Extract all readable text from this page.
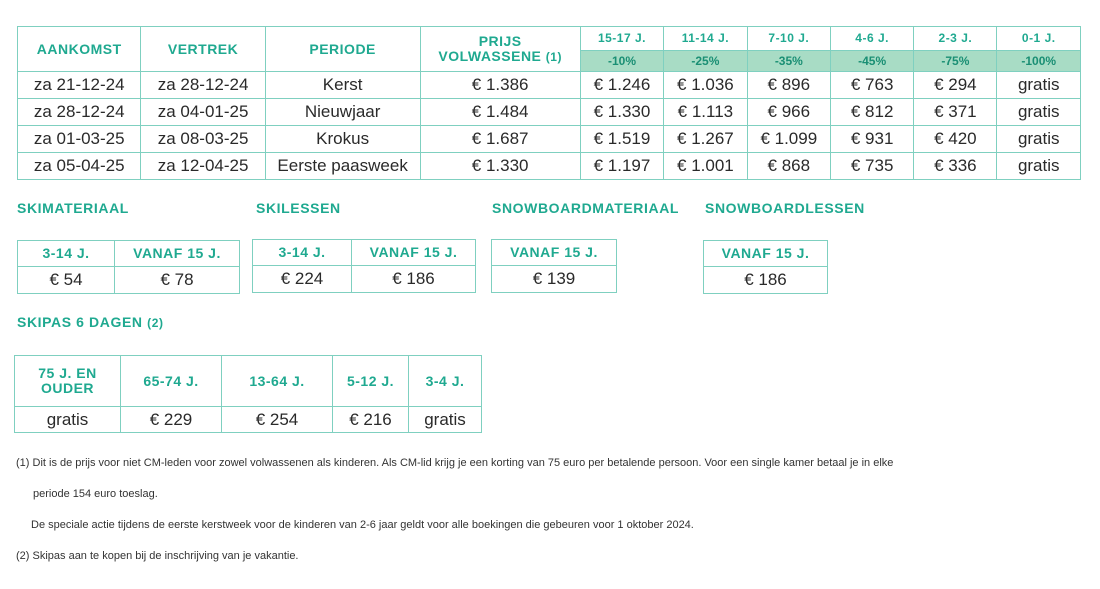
AANKOMST	VERTREK	PERIODE	PRIJS
VOLWASSENE (1)	15-17 J.	11-14 J.	7-10 J.	4-6 J.	2-3 J.	0-1 J.
				-10%	-25%	-35%	-45%	-75%	-100%
za 21-12-24	za 28-12-24	Kerst	€ 1.386	€ 1.246	€ 1.036	€ 896	€ 763	€ 294	gratis
za 28-12-24	za 04-01-25	Nieuwjaar	€ 1.484	€ 1.330	€ 1.113	€ 966	€ 812	€ 371	gratis
za 01-03-25	za 08-03-25	Krokus	€ 1.687	€ 1.519	€ 1.267	€ 1.099	€ 931	€ 420	gratis
za 05-04-25	za 12-04-25	Eerste paasweek	€ 1.330	€ 1.197	€ 1.001	€ 868	€ 735	€ 336	gratis
SKIMATERIAAL
3-14 J.	VANAF 15 J.
€ 54	€ 78
SKILESSEN
3-14 J.	VANAF 15 J.
€ 224	€ 186
SNOWBOARDMATERIAAL
VANAF 15 J.
€ 139
SNOWBOARDLESSEN
VANAF 15 J.
€ 186
SKIPAS 6 DAGEN (2)
75 J. EN OUDER	65-74 J.	13-64 J.	5-12 J.	3-4 J.
gratis	€ 229	€ 254	€ 216	gratis
(1) Dit is de prijs voor niet CM-leden voor zowel volwassenen als kinderen. Als CM-lid krijg je een korting van 75 euro per betalende persoon. Voor een single kamer betaal je in elke
periode 154 euro toeslag.
De speciale actie tijdens de eerste kerstweek voor de kinderen van 2-6 jaar geldt voor alle boekingen die gebeuren voor 1 oktober 2024.
(2) Skipas aan te kopen bij de inschrijving van je vakantie.
